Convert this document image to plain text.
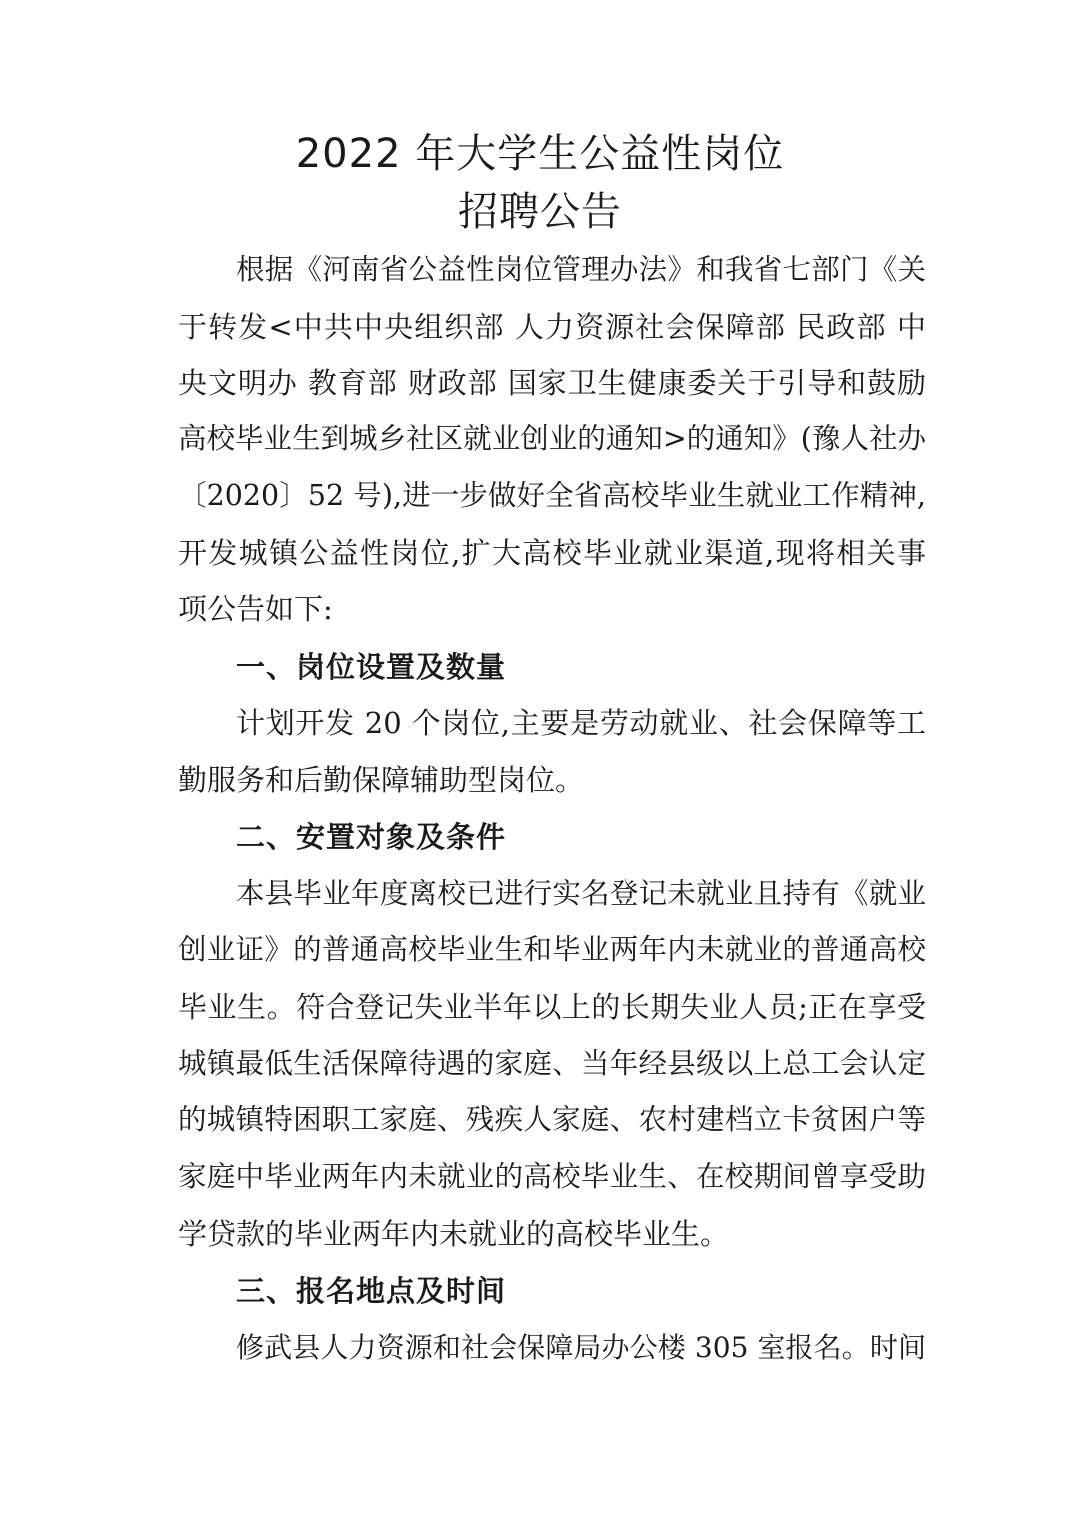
2022 年大学生公益性岗位
招聘公告
根据《河南省公益性岗位管理办法》和我省七部门《关
于转发<中共中央组织部 人力资源社会保障部 民政部 中
央文明办 教育部 财政部 国家卫生健康委关于引导和鼓励
高校毕业生到城乡社区就业创业的通知>的通知》(豫人社办
〔2020〕52 号),进一步做好全省高校毕业生就业工作精神,
开发城镇公益性岗位,扩大高校毕业就业渠道,现将相关事
项公告如下:
一、岗位设置及数量
计划开发 20 个岗位,主要是劳动就业、社会保障等工
勤服务和后勤保障辅助型岗位。
二、安置对象及条件
本县毕业年度离校已进行实名登记未就业且持有《就业
创业证》的普通高校毕业生和毕业两年内未就业的普通高校
毕业生。符合登记失业半年以上的长期失业人员;正在享受
城镇最低生活保障待遇的家庭、当年经县级以上总工会认定
的城镇特困职工家庭、残疾人家庭、农村建档立卡贫困户等
家庭中毕业两年内未就业的高校毕业生、在校期间曾享受助
学贷款的毕业两年内未就业的高校毕业生。
三、报名地点及时间
修武县人力资源和社会保障局办公楼 305 室报名。时间
